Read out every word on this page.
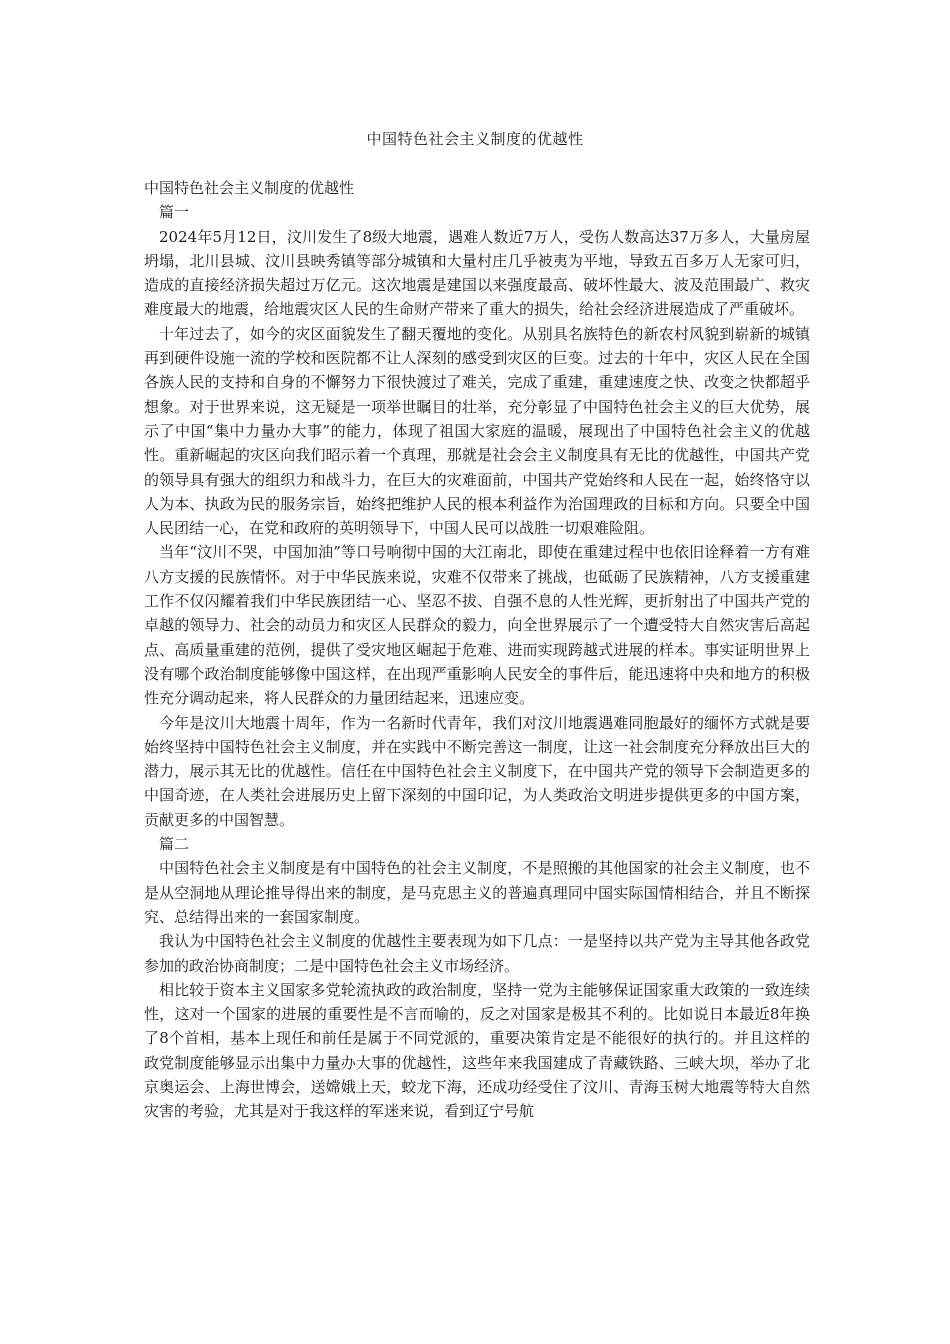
中国特色社会主义制度的优越性

中国特色社会主义制度的优越性

篇一

2024年5月12日，汶川发生了8级大地震，遇难人数近7万人，受伤人数高达37万多人，大量房屋坍塌，北川县城、汶川县映秀镇等部分城镇和大量村庄几乎被夷为平地，导致五百多万人无家可归，造成的直接经济损失超过万亿元。这次地震是建国以来强度最高、破坏性最大、波及范围最广、救灾难度最大的地震，给地震灾区人民的生命财产带来了重大的损失，给社会经济进展造成了严重破坏。

十年过去了，如今的灾区面貌发生了翻天覆地的变化。从别具名族特色的新农村风貌到崭新的城镇再到硬件设施一流的学校和医院都不让人深刻的感受到灾区的巨变。过去的十年中，灾区人民在全国各族人民的支持和自身的不懈努力下很快渡过了难关，完成了重建，重建速度之快、改变之快都超乎想象。对于世界来说，这无疑是一项举世瞩目的壮举，充分彰显了中国特色社会主义的巨大优势，展示了中国“集中力量办大事”的能力，体现了祖国大家庭的温暖，展现出了中国特色社会主义的优越性。重新崛起的灾区向我们昭示着一个真理，那就是社会会主义制度具有无比的优越性，中国共产党的领导具有强大的组织力和战斗力，在巨大的灾难面前，中国共产党始终和人民在一起，始终恪守以人为本、执政为民的服务宗旨，始终把维护人民的根本利益作为治国理政的目标和方向。只要全中国人民团结一心，在党和政府的英明领导下，中国人民可以战胜一切艰难险阻。

当年“汶川不哭，中国加油”等口号响彻中国的大江南北，即使在重建过程中也依旧诠释着一方有难八方支援的民族情怀。对于中华民族来说，灾难不仅带来了挑战，也砥砺了民族精神，八方支援重建工作不仅闪耀着我们中华民族团结一心、坚忍不拔、自强不息的人性光辉，更折射出了中国共产党的卓越的领导力、社会的动员力和灾区人民群众的毅力，向全世界展示了一个遭受特大自然灾害后高起点、高质量重建的范例，提供了受灾地区崛起于危难、进而实现跨越式进展的样本。事实证明世界上没有哪个政治制度能够像中国这样，在出现严重影响人民安全的事件后，能迅速将中央和地方的积极性充分调动起来，将人民群众的力量团结起来，迅速应变。

今年是汶川大地震十周年，作为一名新时代青年，我们对汶川地震遇难同胞最好的缅怀方式就是要始终坚持中国特色社会主义制度，并在实践中不断完善这一制度，让这一社会制度充分释放出巨大的潜力，展示其无比的优越性。信任在中国特色社会主义制度下，在中国共产党的领导下会制造更多的中国奇迹，在人类社会进展历史上留下深刻的中国印记，为人类政治文明进步提供更多的中国方案，贡献更多的中国智慧。

篇二

中国特色社会主义制度是有中国特色的社会主义制度，不是照搬的其他国家的社会主义制度，也不是从空洞地从理论推导得出来的制度，是马克思主义的普遍真理同中国实际国情相结合，并且不断探究、总结得出来的一套国家制度。

我认为中国特色社会主义制度的优越性主要表现为如下几点：一是坚持以共产党为主导其他各政党参加的政治协商制度；二是中国特色社会主义市场经济。

相比较于资本主义国家多党轮流执政的政治制度，坚持一党为主能够保证国家重大政策的一致连续性，这对一个国家的进展的重要性是不言而喻的，反之对国家是极其不利的。比如说日本最近8年换了8个首相，基本上现任和前任是属于不同党派的，重要决策肯定是不能很好的执行的。并且这样的政党制度能够显示出集中力量办大事的优越性，这些年来我国建成了青藏铁路、三峡大坝，举办了北京奥运会、上海世博会，送嫦娥上天，蛟龙下海，还成功经受住了汶川、青海玉树大地震等特大自然灾害的考验，尤其是对于我这样的军迷来说，看到辽宁号航
